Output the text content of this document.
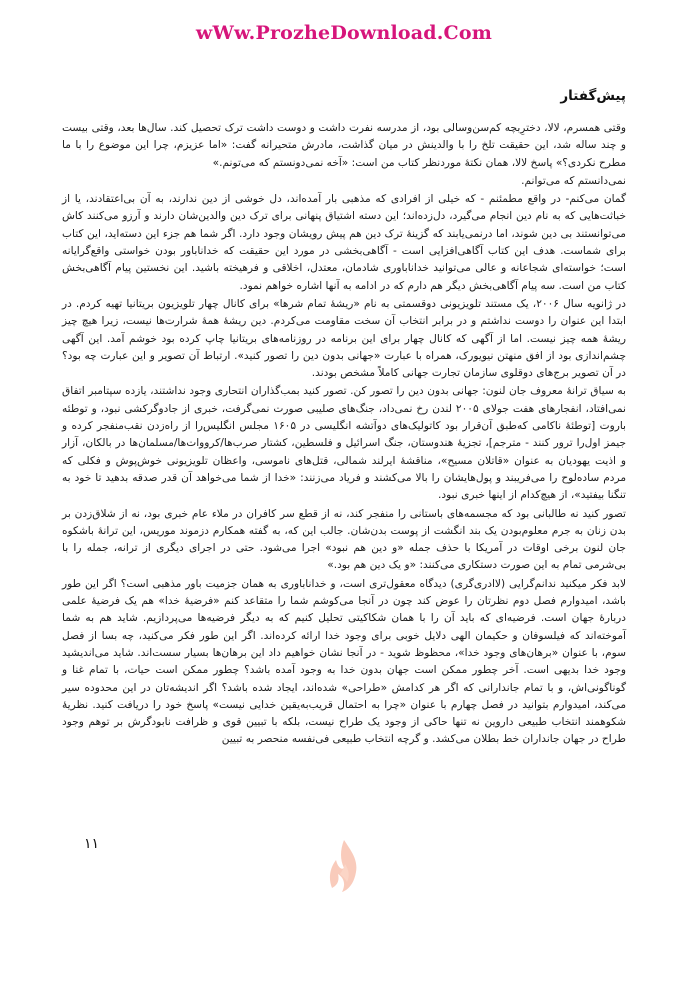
wWw.ProzheDownload.Com
پیش‌گفتار

وقتی همسرم، لالا، دخترِبچه کم‌سن‌وسالی بود، از مدرسه نفرت داشت و دوست داشت ترک تحصیل کند. سال‌ها بعد، وقتی بیست و چند ساله شد، این حقیقت تلخ را با والدینش در میان گذاشت، مادرش متحیرانه گفت: «اما عزیزم، چرا این موضوع را با ما مطرح نکردی؟» پاسخ لالا، همان نکتهٔ موردنظر کتاب من است: «آخه نمی‌دونستم که می‌تونم.»

نمی‌دانستم که می‌توانم.

گمان می‌کنم- در واقع مطمئنم - که خیلی از افرادی که مذهبی بار آمده‌اند، دل خوشی از دین ندارند، به آن بی‌اعتقادند، یا از خباثت‌هایی که به نام دین انجام می‌گیرد، دل‌زده‌اند؛ این دسته اشتیاق پنهانی برای ترک دین والدین‌شان دارند و آرزو می‌کنند کاش می‌توانستند بی دین شوند، اما درنمی‌یابند که گزینهٔ ترک دین هم پیش رویشان وجود دارد. اگر شما هم جزء این دسته‌اید، این کتاب برای شماست. هدف این کتاب آگاهی‌افزایی است - آگاهی‌بخشی در مورد این حقیقت که خداناباور بودن خواستی واقع‌گرایانه است؛ خواسته‌ای شجاعانه و عالی می‌توانید خداناباوری شادمان، معتدل، اخلاقی و فرهیخته باشید. این نخستین پیام آگاهی‌بخش کتاب من است. سه پیام آگاهی‌بخش دیگر هم دارم که در ادامه به آنها اشاره خواهم نمود.

در ژانویه سال ۲۰۰۶، یک مستند تلویزیونی دوقسمتی به نام «ریشهٔ تمام شرها» برای کانال چهار تلویزیون بریتانیا تهیه کردم. در ابتدا این عنوان را دوست نداشتم و در برابر انتخاب آن سخت مقاومت می‌کردم. دین ریشهٔ همهٔ شرارت‌ها نیست، زیرا هیچ چیز ریشهٔ همه چیز نیست. اما از آگهی که کانال چهار برای این برنامه در روزنامه‌های بریتانیا چاپ کرده بود خوشم آمد. این آگهی چشم‌اندازی بود از افق منهتن نیویورک، همراه با عبارت «جهانی بدون دین را تصور کنید». ارتباط آن تصویر و این عبارت چه بود؟ در آن تصویر برج‌های دوقلوی سازمان تجارت جهانی کاملاً مشخص بودند.

به سیاق ترانهٔ معروف جان لنون: جهانی بدون دین را تصور کن. تصور کنید بمب‌گذاران انتحاری وجود نداشتند، یازده سپتامبر اتفاق نمی‌افتاد، انفجارهای هفت جولای ۲۰۰۵ لندن رخ نمی‌داد، جنگ‌های صلیبی صورت نمی‌گرفت، خبری از جادوگرکشی نبود، و توطئه باروت [توطئهٔ ناکامی که‌طبق آن‌قرار بود کاتولیک‌های دوآتشه انگلیسی در ۱۶۰۵ مجلس انگلیس‌را از راه‌زدن نقب‌منفجر کرده و جیمز اول‌را ترور کنند - مترجم]، تجزیهٔ هندوستان، جنگ اسرائیل و فلسطین، کشتار صرب‌ها/کرووات‌ها/مسلمان‌ها در بالکان، آزار و اذیت یهودیان به عنوان «قاتلان مسیح»، مناقشهٔ ایرلند شمالی، قتل‌های ناموسی، واعظان تلویزیونی خوش‌پوش و فکلی که مردم ساده‌لوح را می‌فریبند و پول‌هایشان را بالا می‌کشند و فریاد می‌زنند: «خدا از شما می‌خواهد آن قدر صدقه بدهید تا خود به تنگنا بیفتید»، از هیچ‌کدام از اینها خبری نبود.

تصور کنید نه طالبانی بود که مجسمه‌های باستانی را منفجر کند، نه از قطع سر کافران در ملاء عام خبری بود، نه از شلاق‌زدن بر بدن زنان به جرم معلوم‌بودن یک بند انگشت از پوست بدن‌شان. جالب این که، به گفته همکارم دزموند موریس، این ترانهٔ باشکوه جان لنون برخی اوقات در آمریکا با حذف جمله «و دین هم نبود» اجرا می‌شود. حتی در اجرای دیگری از ترانه، جمله را با بی‌شرمی تمام به این صورت دستکاری می‌کنند: «و یک دین هم بود.»

لابد فکر میکنید ندانم‌گرایی (لاادری‌گری) دیدگاه معقول‌تری است، و خداناباوری به همان جزمیت باور مذهبی است؟ اگر این طور باشد، امیدوارم فصل دوم نظرتان را عوض کند چون در آنجا می‌کوشم شما را متقاعد کنم «فرضیهٔ خدا» هم یک فرضیهٔ علمی دربارهٔ جهان است. فرضیه‌ای که باید آن را با همان شکاکیتی تحلیل کنیم که به دیگر فرضیه‌ها می‌پردازیم. شاید هم به شما آموخته‌اند که فیلسوفان و حکیمان الهی دلایل خوبی برای وجود خدا ارائه کرده‌اند. اگر این طور فکر می‌کنید، چه بسا از فصل سوم، با عنوان «برهان‌های وجود خدا»، محظوظ شوید - در آنجا نشان خواهیم داد این برهان‌ها بسیار سست‌اند. شاید می‌اندیشید وجود خدا بدیهی است. آخر چطور ممکن است جهان بدون خدا به وجود آمده باشد؟ چطور ممکن است حیات، با تمام غنا و گوناگونی‌اش، و با تمام جاندارانی که اگر هر کدامش «طراحی» شده‌اند، ایجاد شده باشد؟ اگر اندیشه‌تان در این محدوده سیر می‌کند، امیدوارم بتوانید در فصل چهارم با عنوان «چرا به احتمال قریب‌به‌یقین خدایی نیست» پاسخ خود را دریافت کنید. نظریهٔ شکوهمند انتخاب طبیعی داروین نه تنها حاکی از وجود یک طراح نیست، بلکه با تبیین قوی و ظرافت نابودگرش بر توهم وجود طراح در جهان جانداران خط بطلان می‌کشد. و گرچه انتخاب طبیعی فی‌نفسه منحصر به تبیین

۱۱
